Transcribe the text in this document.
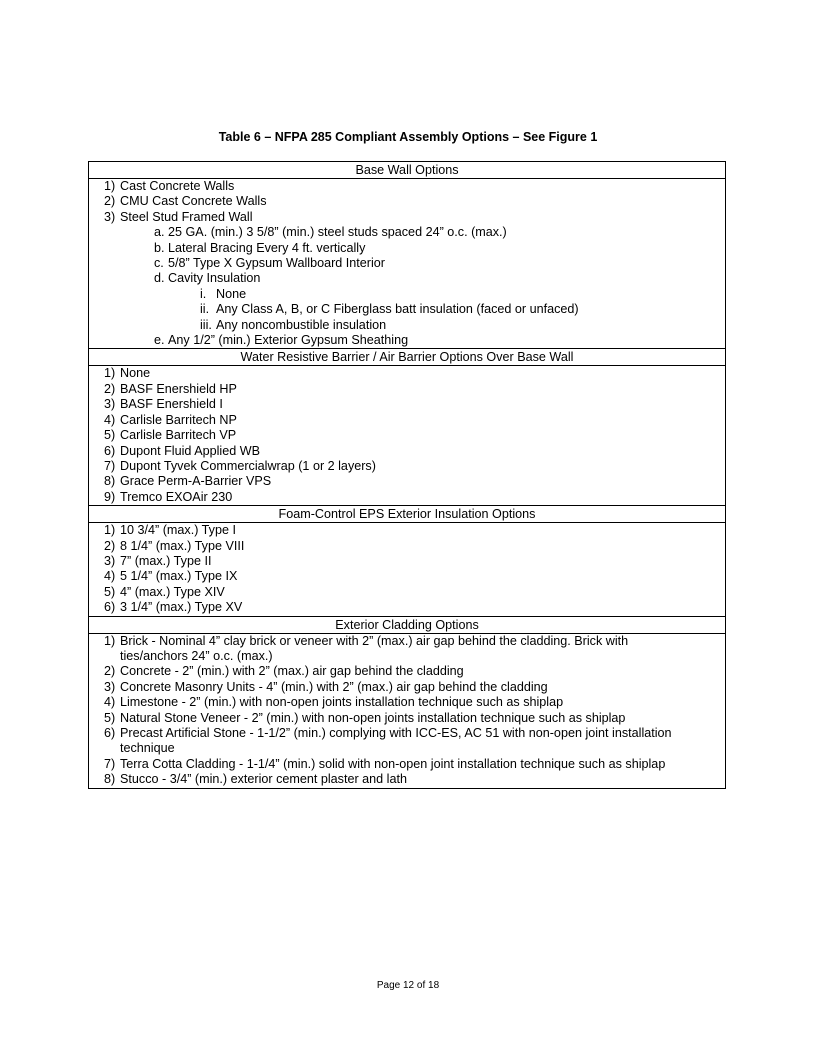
Table 6 – NFPA 285 Compliant Assembly Options – See Figure 1
Base Wall Options
1) Cast Concrete Walls
2) CMU Cast Concrete Walls
3) Steel Stud Framed Wall
a. 25 GA. (min.) 3 5/8” (min.) steel studs spaced 24” o.c. (max.)
b. Lateral Bracing Every 4 ft. vertically
c. 5/8” Type X Gypsum Wallboard Interior
d. Cavity Insulation
i. None
ii. Any Class A, B, or C Fiberglass batt insulation (faced or unfaced)
iii. Any noncombustible insulation
e. Any 1/2” (min.) Exterior Gypsum Sheathing
Water Resistive Barrier / Air Barrier Options Over Base Wall
1) None
2) BASF Enershield HP
3) BASF Enershield I
4) Carlisle Barritech NP
5) Carlisle Barritech VP
6) Dupont Fluid Applied WB
7) Dupont Tyvek Commercialwrap (1 or 2 layers)
8) Grace Perm-A-Barrier VPS
9) Tremco EXOAir 230
Foam-Control EPS Exterior Insulation Options
1) 10 3/4” (max.) Type I
2) 8 1/4” (max.) Type VIII
3) 7” (max.) Type II
4) 5 1/4” (max.) Type IX
5) 4” (max.) Type XIV
6) 3 1/4” (max.) Type XV
Exterior Cladding Options
1) Brick - Nominal 4” clay brick or veneer with 2” (max.) air gap behind the cladding. Brick with ties/anchors 24” o.c. (max.)
2) Concrete - 2” (min.) with 2” (max.) air gap behind the cladding
3) Concrete Masonry Units - 4” (min.) with 2” (max.) air gap behind the cladding
4) Limestone - 2” (min.) with non-open joints installation technique such as shiplap
5) Natural Stone Veneer - 2” (min.) with non-open joints installation technique such as shiplap
6) Precast Artificial Stone - 1-1/2” (min.) complying with ICC-ES, AC 51 with non-open joint installation technique
7) Terra Cotta Cladding - 1-1/4” (min.) solid with non-open joint installation technique such as shiplap
8) Stucco - 3/4” (min.) exterior cement plaster and lath
Page 12 of 18
